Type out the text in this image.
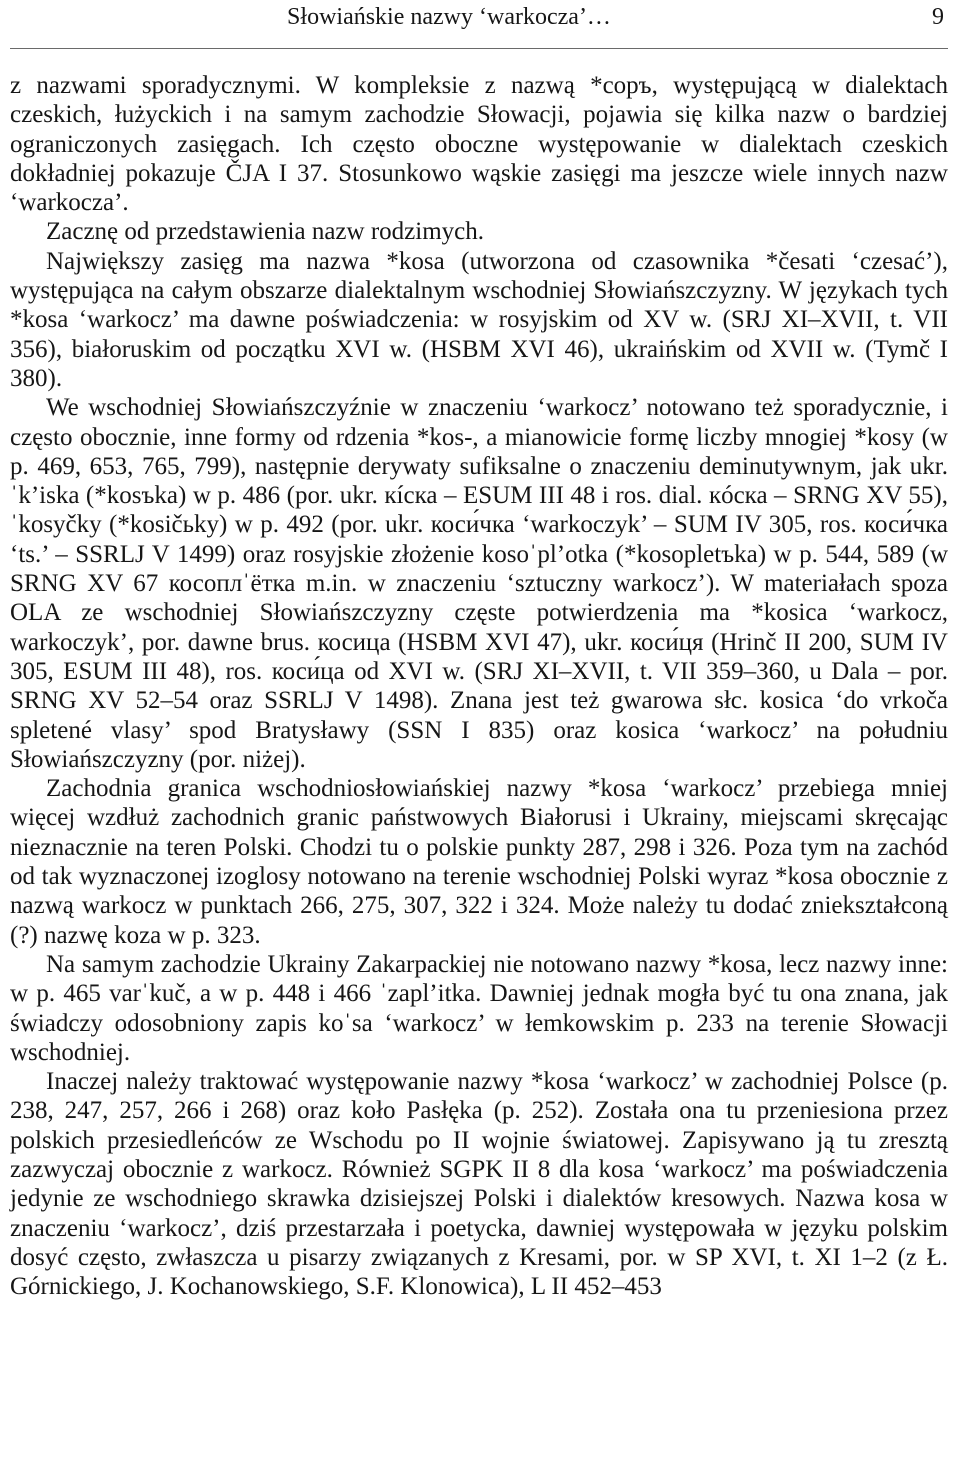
Słowiańskie nazwy ‘warkocza’…	9

z nazwami sporadycznymi. W kompleksie z nazwą *соръ, występującą w dialektach czeskich, łużyckich i na samym zachodzie Słowacji, pojawia się kilka nazw o bardziej ograniczonych zasięgach. Ich często oboczne występowanie w dialektach czeskich dokładniej pokazuje ČJA I 37. Stosunkowo wąskie zasięgi ma jeszcze wiele innych nazw ‘warkocza’.

Zacznę od przedstawienia nazw rodzimych.

Największy zasięg ma nazwa *kosa (utworzona od czasownika *česati ‘czesać’), występująca na całym obszarze dialektalnym wschodniej Słowiańszczyzny. W językach tych *kosa ‘warkocz’ ma dawne poświadczenia: w rosyjskim od XV w. (SRJ XI–XVII, t. VII 356), białoruskim od początku XVI w. (HSBM XVI 46), ukraińskim od XVII w. (Tymč I 380).

We wschodniej Słowiańszczyźnie w znaczeniu ‘warkocz’ notowano też sporadycznie, i często obocznie, inne formy od rdzenia *kos-, a mianowicie formę liczby mnogiej *kosy (w p. 469, 653, 765, 799), następnie derywaty sufiksalne o znaczeniu deminutywnym, jak ukr. ˈk’iska (*kosъka) w p. 486 (por. ukr. кíска – ESUM III 48 i ros. dial. кóска – SRNG XV 55), ˈkosyčky (*kosičьky) w p. 492 (por. ukr. коси́чка ‘warkoczyk’ – SUM IV 305, ros. коси́чка ‘ts.’ – SSRLJ V 1499) oraz rosyjskie złożenie kosoˈpl’otka (*kosopletъka) w p. 544, 589 (w SRNG XV 67 косоплˈётка m.in. w znaczeniu ‘sztuczny warkocz’). W materiałach spoza OLA ze wschodniej Słowiańszczyzny częste potwierdzenia ma *kosica ‘warkocz, warkoczyk’, por. dawne brus. косица (HSBM XVI 47), ukr. коси́ця (Hrinč II 200, SUM IV 305, ESUM III 48), ros. коси́ца od XVI w. (SRJ XI–XVII, t. VII 359–360, u Dala – por. SRNG XV 52–54 oraz SSRLJ V 1498). Znana jest też gwarowa słc. kosica ‘do vrkoča spletené vlasy’ spod Bratysławy (SSN I 835) oraz kosica ‘warkocz’ na południu Słowiańszczyzny (por. niżej).

Zachodnia granica wschodniosłowiańskiej nazwy *kosa ‘warkocz’ przebiega mniej więcej wzdłuż zachodnich granic państwowych Białorusi i Ukrainy, miejscami skręcając nieznacznie na teren Polski. Chodzi tu o polskie punkty 287, 298 i 326. Poza tym na zachód od tak wyznaczonej izoglosy notowano na terenie wschodniej Polski wyraz *kosa obocznie z nazwą warkocz w punktach 266, 275, 307, 322 i 324. Może należy tu dodać zniekształconą (?) nazwę koza w p. 323.

Na samym zachodzie Ukrainy Zakarpackiej nie notowano nazwy *kosa, lecz nazwy inne: w p. 465 varˈkuč, a w p. 448 i 466 ˈzapl’itka. Dawniej jednak mogła być tu ona znana, jak świadczy odosobniony zapis koˈsa ‘warkocz’ w łemkowskim p. 233 na terenie Słowacji wschodniej.

Inaczej należy traktować występowanie nazwy *kosa ‘warkocz’ w zachodniej Polsce (p. 238, 247, 257, 266 i 268) oraz koło Pasłęka (p. 252). Została ona tu przeniesiona przez polskich przesiedleńców ze Wschodu po II wojnie światowej. Zapisywano ją tu zresztą zazwyczaj obocznie z warkocz. Również SGPK II 8 dla kosa ‘warkocz’ ma poświadczenia jedynie ze wschodniego skrawka dzisiejszej Polski i dialektów kresowych. Nazwa kosa w znaczeniu ‘warkocz’, dziś przestarzała i poetycka, dawniej występowała w języku polskim dosyć często, zwłaszcza u pisarzy związanych z Kresami, por. w SP XVI, t. XI 1–2 (z Ł. Górnickiego, J. Kochanowskiego, S.F. Klonowica), L II 452–453
